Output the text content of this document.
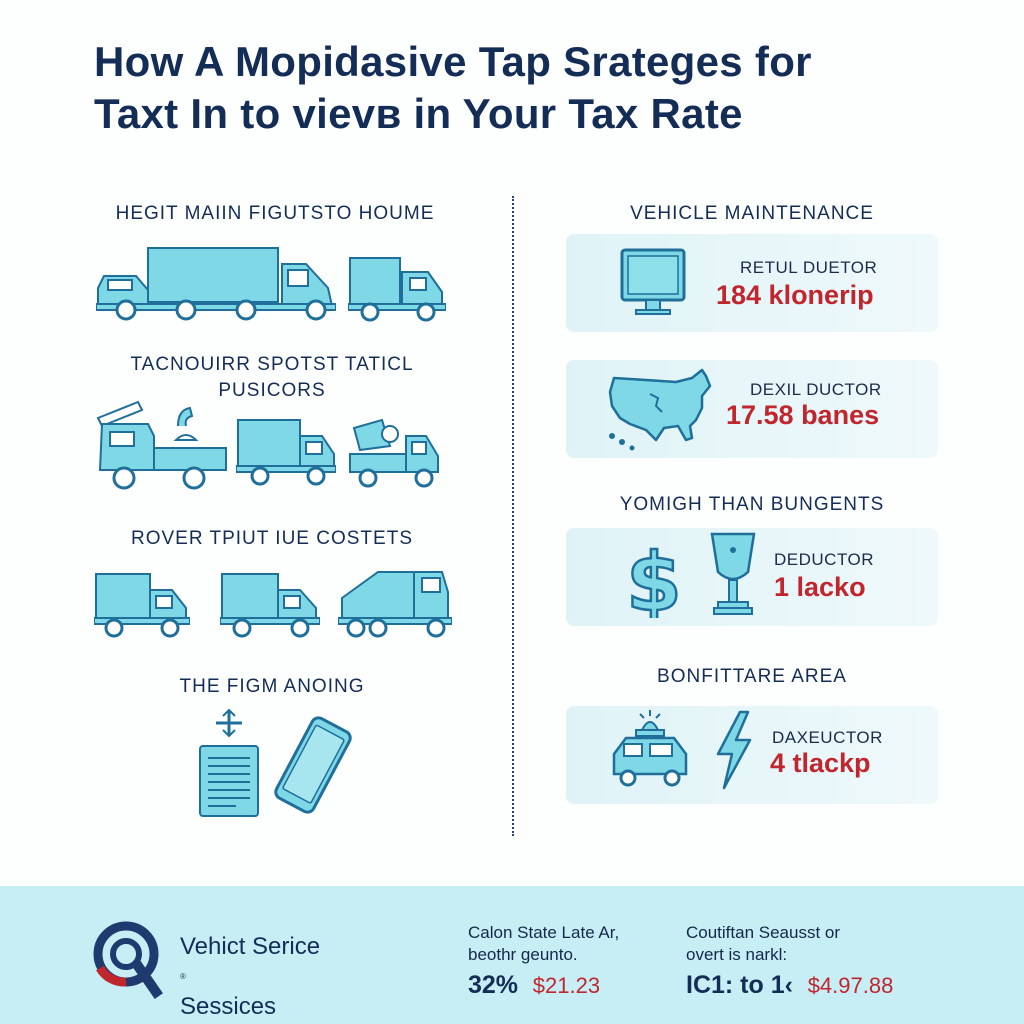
How A Mopidasive Tap Srateges for
Taxt In to vievв in Your Tax Rate
HEGIT MAIIN FIGUTSTO HOUME
TACNOUIRR SPOTST TATICL
PUSICORS
ROVER TPIUT IUE COSTETS
THE FIGM ANOING
VEHICLE MAINTENANCE
RETUL DUETOR
184 klonerip
DEXIL DUCTOR
17.58 banes
YOMIGH THAN BUNGENTS
$	DEDUCTOR
1 lacko
BONFITTARE AREA
DAXEUCTOR
4 tlackp
Vehict Serice
®
Sessices
Calon State Late Ar,
beothr geunto.
32% $21.23
Coutiftan Seausst or
overt is narkl:
IC1: to 1‹ $4.97.88
